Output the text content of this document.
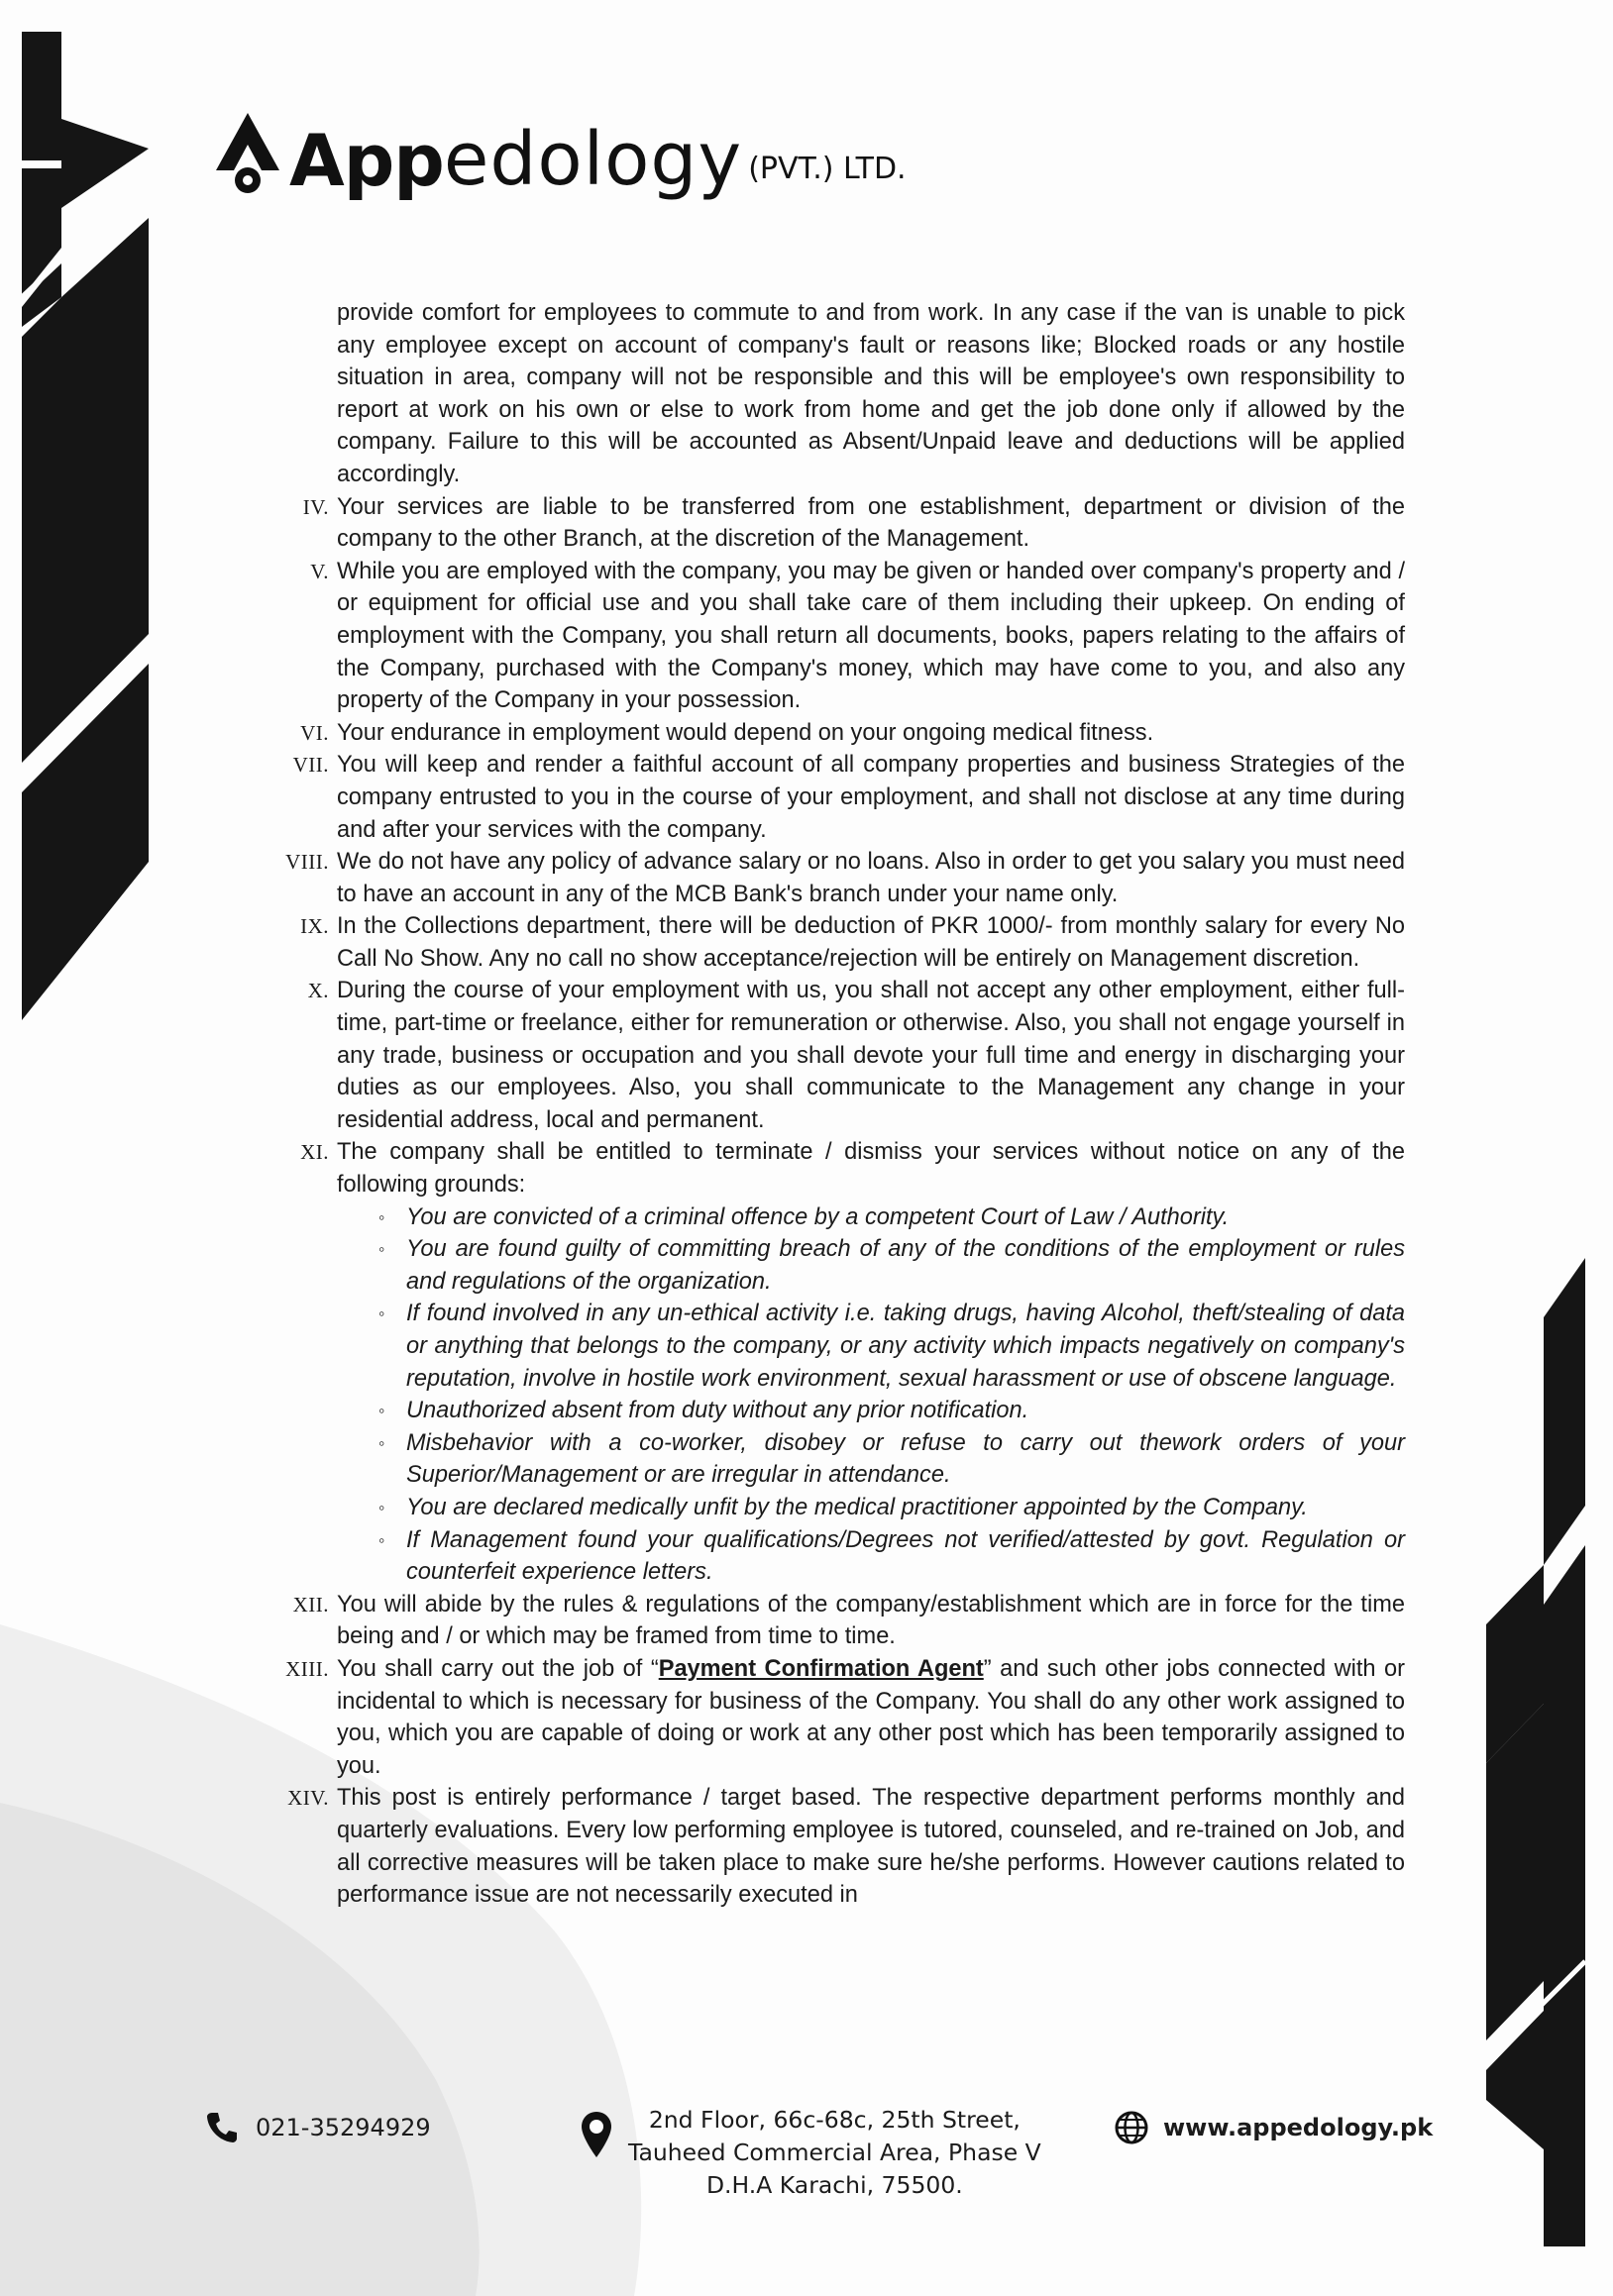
App edology (PVT.) LTD.

provide comfort for employees to commute to and from work. In any case if the van is unable to pick any employee except on account of company's fault or reasons like; Blocked roads or any hostile situation in area, company will not be responsible and this will be employee's own responsibility to report at work on his own or else to work from home and get the job done only if allowed by the company. Failure to this will be accounted as Absent/Unpaid leave and deductions will be applied accordingly.

IV. Your services are liable to be transferred from one establishment, department or division of the company to the other Branch, at the discretion of the Management.
V. While you are employed with the company, you may be given or handed over company's property and / or equipment for official use and you shall take care of them including their upkeep. On ending of employment with the Company, you shall return all documents, books, papers relating to the affairs of the Company, purchased with the Company's money, which may have come to you, and also any property of the Company in your possession.
VI. Your endurance in employment would depend on your ongoing medical fitness.
VII. You will keep and render a faithful account of all company properties and business Strategies of the company entrusted to you in the course of your employment, and shall not disclose at any time during and after your services with the company.
VIII. We do not have any policy of advance salary or no loans. Also in order to get you salary you must need to have an account in any of the MCB Bank's branch under your name only.
IX. In the Collections department, there will be deduction of PKR 1000/- from monthly salary for every No Call No Show. Any no call no show acceptance/rejection will be entirely on Management discretion.
X. During the course of your employment with us, you shall not accept any other employment, either full-time, part-time or freelance, either for remuneration or otherwise. Also, you shall not engage yourself in any trade, business or occupation and you shall devote your full time and energy in discharging your duties as our employees. Also, you shall communicate to the Management any change in your residential address, local and permanent.
XI. The company shall be entitled to terminate / dismiss your services without notice on any of the following grounds:
◦ You are convicted of a criminal offence by a competent Court of Law / Authority.
◦ You are found guilty of committing breach of any of the conditions of the employment or rules and regulations of the organization.
◦ If found involved in any un-ethical activity i.e. taking drugs, having Alcohol, theft/stealing of data or anything that belongs to the company, or any activity which impacts negatively on company's reputation, involve in hostile work environment, sexual harassment or use of obscene language.
◦ Unauthorized absent from duty without any prior notification.
◦ Misbehavior with a co-worker, disobey or refuse to carry out thework orders of your Superior/Management or are irregular in attendance.
◦ You are declared medically unfit by the medical practitioner appointed by the Company.
◦ If Management found your qualifications/Degrees not verified/attested by govt. Regulation or counterfeit experience letters.
XII. You will abide by the rules & regulations of the company/establishment which are in force for the time being and / or which may be framed from time to time.
XIII. You shall carry out the job of “Payment Confirmation Agent” and such other jobs connected with or incidental to which is necessary for business of the Company. You shall do any other work assigned to you, which you are capable of doing or work at any other post which has been temporarily assigned to you.
XIV. This post is entirely performance / target based. The respective department performs monthly and quarterly evaluations. Every low performing employee is tutored, counseled, and re-trained on Job, and all corrective measures will be taken place to make sure he/she performs. However cautions related to performance issue are not necessarily executed in
021-35294929	2nd Floor, 66c-68c, 25th Street,
Tauheed Commercial Area, Phase V
D.H.A Karachi, 75500.
www.appedology.pk
